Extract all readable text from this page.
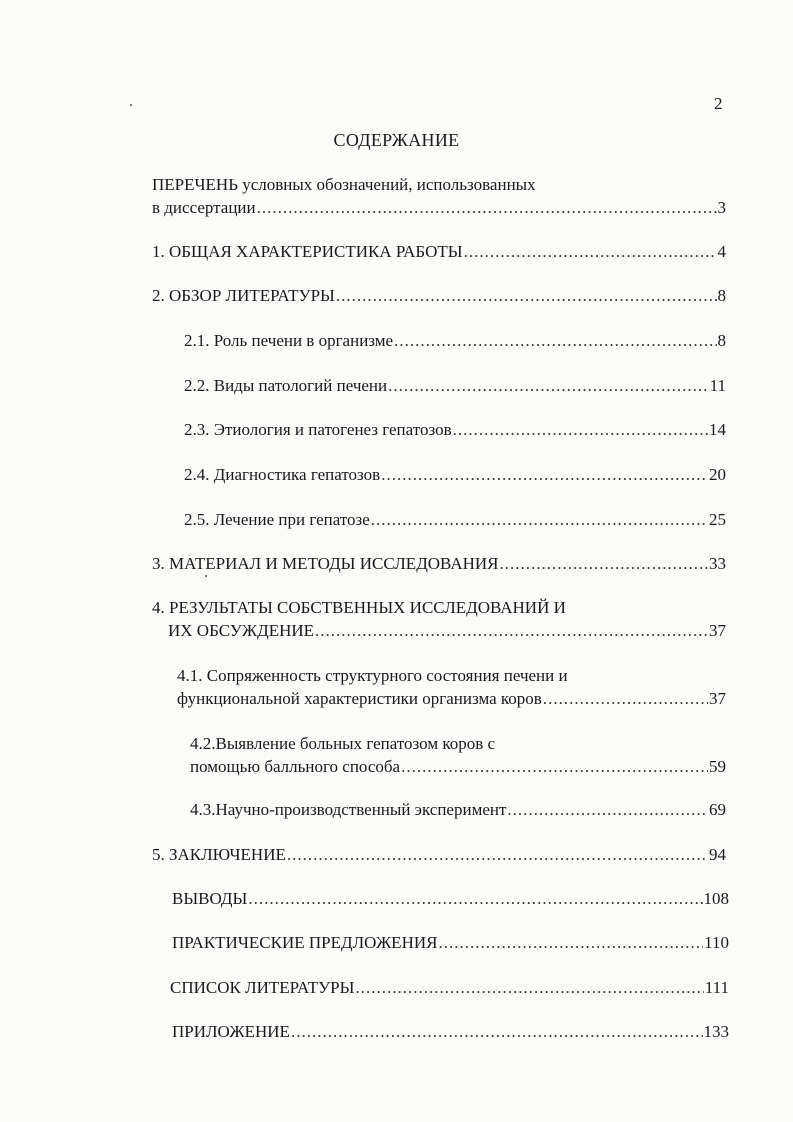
2
СОДЕРЖАНИЕ
ПЕРЕЧЕНЬ условных обозначений, использованных
в диссертации .....	3
1. ОБЩАЯ ХАРАКТЕРИСТИКА РАБОТЫ .....	4
2. ОБЗОР ЛИТЕРАТУРЫ .....	8
2.1. Роль печени в организме .....	8
2.2. Виды патологий печени .....	11
2.3. Этиология и патогенез гепатозов .....	14
2.4. Диагностика гепатозов .....	20
2.5. Лечение при гепатозе .....	25
3. МАТЕРИАЛ И МЕТОДЫ ИССЛЕДОВАНИЯ .....	33
4. РЕЗУЛЬТАТЫ СОБСТВЕННЫХ ИССЛЕДОВАНИЙ И
ИХ ОБСУЖДЕНИЕ .....	37
4.1. Сопряженность структурного состояния печени и
функциональной характеристики организма коров .....	37
4.2.Выявление больных гепатозом коров с
помощью балльного способа .....	59
4.3.Научно-производственный эксперимент .....	69
5. ЗАКЛЮЧЕНИЕ .....	94
ВЫВОДЫ .....	108
ПРАКТИЧЕСКИЕ ПРЕДЛОЖЕНИЯ .....	110
СПИСОК ЛИТЕРАТУРЫ .....	111
ПРИЛОЖЕНИЕ .....	133
